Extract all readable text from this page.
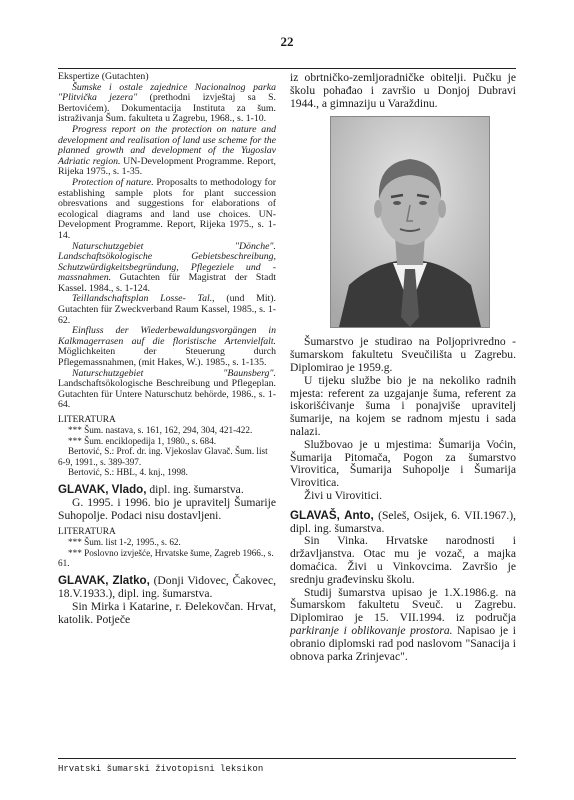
22

Ekspertize (Gutachten)

Šumske i ostale zajednice Nacionalnog parka "Plitvička jezera" (prethodni izvještaj sa S. Bertovićem). Dokumentacija Instituta za šum. istraživanja Šum. fakulteta u Zagrebu, 1968., s. 1-10.

Progress report on the protection on nature and development and realisation of land use scheme for the planned growth and development of the Yugoslav Adriatic region. UN-Development Programme. Report, Rijeka 1975., s. 1-35.

Protection of nature. Proposalts to methodology for establishing sample plots for plant succession obresvations and suggestions for elaborations of ecological diagrams and land use choices. UN-Development Programme. Report, Rijeka 1975., s. 1-14.

Naturschutzgebiet "Dönche". Landschaftsökologische Gebietsbeschreibung, Schutzwürdigkeitsbegründung, Pflegeziele und -massnahmen. Gutachten für Magistrat der Stadt Kassel. 1984., s. 1-124.

Teillandschaftsplan Losse- Tal., (und Mit). Gutachten für Zweckverband Raum Kassel, 1985., s. 1-62.

Einfluss der Wiederbewaldungsvorgängen in Kalkmagerrasen auf die floristische Artenvielfalt. Möglichkeiten der Steuerung durch Pflegemassnahmen, (mit Hakes, W.). 1985., s. 1-135.

Naturschutzgebiet "Baunsberg". Landschaftsökologische Beschreibung und Pflegeplan. Gutachten für Untere Naturschutz behörde, 1986., s. 1-64.

LITERATURA

*** Šum. nastava, s. 161, 162, 294, 304, 421-422.

*** Šum. enciklopedija 1, 1980., s. 684.

Bertović, S.: Prof. dr. ing. Vjekoslav Glavač. Šum. list 6-9, 1991., s. 389-397.

Bertović, S.: HBL, 4. knj., 1998.

GLAVAK, Vlado, dipl. ing. šumarstva.

G. 1995. i 1996. bio je upravitelj Šumarije Suhopolje. Podaci nisu dostavljeni.

LITERATURA

*** Šum. list 1-2, 1995., s. 62.

*** Poslovno izvješće, Hrvatske šume, Zagreb 1966., s. 61.

GLAVAK, Zlatko, (Donji Vidovec, Čakovec, 18.V.1933.), dipl. ing. šumarstva.

Sin Mirka i Katarine, r. Đelekovčan. Hrvat, katolik. Potječe

iz obrtničko-zemljoradničke obitelji. Pučku je školu pohađao i završio u Donjoj Dubravi 1944., a gimnaziju u Varaždinu.

Šumarstvo je studirao na Poljoprivredno - šumarskom fakultetu Sveučilišta u Zagrebu. Diplomirao je 1959.g.

U tijeku službe bio je na nekoliko radnih mjesta: referent za uzgajanje šuma, referent za iskorišćivanje šuma i ponajviše upravitelj šumarije, na kojem se radnom mjestu i sada nalazi.

Službovao je u mjestima: Šumarija Voćin, Šumarija Pitomača, Pogon za šumarstvo Virovitica, Šumarija Suhopolje i Šumarija Virovitica.

Živi u Virovitici.

GLAVAŠ, Anto, (Seleš, Osijek, 6. VII.1967.), dipl. ing. šumarstva.

Sin Vinka. Hrvatske narodnosti i državljanstva. Otac mu je vozač, a majka domaćica. Živi u Vinkovcima. Završio je srednju građevinsku školu.

Studij šumarstva upisao je 1.X.1986.g. na Šumarskom fakultetu Sveuč. u Zagrebu. Diplomirao je 15. VII.1994. iz područja parkiranje i oblikovanje prostora. Napisao je i obranio diplomski rad pod naslovom "Sanacija i obnova parka Zrinjevac".

Hrvatski šumarski životopisni leksikon
